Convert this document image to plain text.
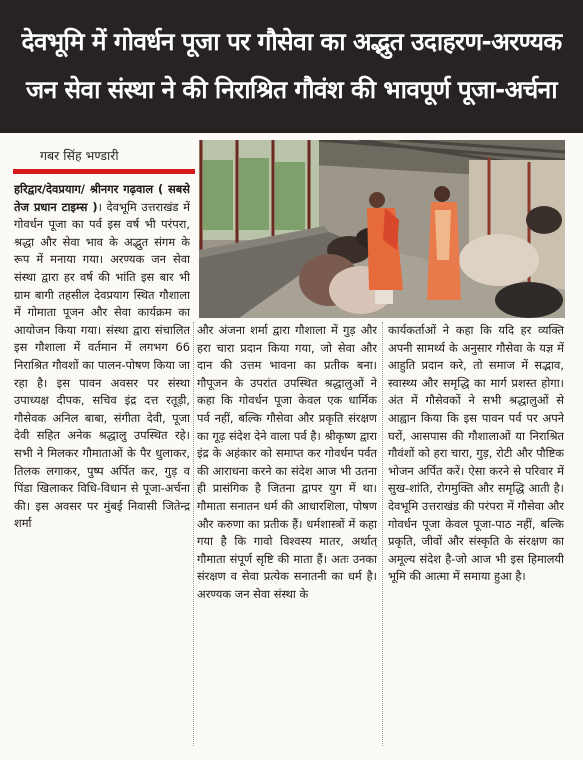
देवभूमि में गोवर्धन पूजा पर गौसेवा का अद्भुत उदाहरण-अरण्यक
जन सेवा संस्था ने की निराश्रित गौवंश की भावपूर्ण पूजा-अर्चना
गबर सिंह भण्डारी

हरिद्वार/देवप्रयाग/ श्रीनगर गढ़वाल ( सबसे तेज प्रधान टाइम्स )। देवभूमि उत्तराखंड में गोवर्धन पूजा का पर्व इस वर्ष भी परंपरा, श्रद्धा और सेवा भाव के अद्भुत संगम के रूप में मनाया गया। अरण्यक जन सेवा संस्था द्वारा हर वर्ष की भांति इस बार भी ग्राम बागी तहसील देवप्रयाग स्थित गौशाला में गोमाता पूजन और सेवा कार्यक्रम का आयोजन किया गया। संस्था द्वारा संचालित इस गौशाला में वर्तमान में लगभग 66 निराश्रित गौवशों का पालन-पोषण किया जा रहा है। इस पावन अवसर पर संस्था उपाध्यक्ष दीपक, सचिव इंद्र दत्त रतूड़ी, गौसेवक अनिल बाबा, संगीता देवी, पूजा देवी सहित अनेक श्रद्धालु उपस्थित रहे। सभी ने मिलकर गौमाताओं के पैर धुलाकर, तिलक लगाकर, पुष्प अर्पित कर, गुड़ व पिंडा खिलाकर विधि-विधान से पूजा-अर्चना की। इस अवसर पर मुंबई निवासी जितेन्द्र शर्मा

और अंजना शर्मा द्वारा गौशाला में गुड़ और हरा चारा प्रदान किया गया, जो सेवा और दान की उत्तम भावना का प्रतीक बना। गौपूजन के उपरांत उपस्थित श्रद्धालुओं ने कहा कि गोवर्धन पूजा केवल एक धार्मिक पर्व नहीं, बल्कि गौसेवा और प्रकृति संरक्षण का गूढ़ संदेश देने वाला पर्व है। श्रीकृष्ण द्वारा इंद्र के अहंकार को समाप्त कर गोवर्धन पर्वत की आराधना करने का संदेश आज भी उतना ही प्रासंगिक है जितना द्वापर युग में था। गौमाता सनातन धर्म की आधारशिला, पोषण और करुणा का प्रतीक हैं। धर्मशास्त्रों में कहा गया है कि गावो विश्वस्य मातर, अर्थात् गौमाता संपूर्ण सृष्टि की माता हैं। अतः उनका संरक्षण व सेवा प्रत्येक सनातनी का धर्म है। अरण्यक जन सेवा संस्था के

कार्यकर्ताओं ने कहा कि यदि हर व्यक्ति अपनी सामर्थ्य के अनुसार गौसेवा के यज्ञ में आहुति प्रदान करे, तो समाज में सद्भाव, स्वास्थ्य और समृद्धि का मार्ग प्रशस्त होगा। अंत में गौसेवकों ने सभी श्रद्धालुओं से आह्वान किया कि इस पावन पर्व पर अपने घरों, आसपास की गौशालाओं या निराश्रित गौवंशों को हरा चारा, गुड़, रोटी और पौष्टिक भोजन अर्पित करें। ऐसा करने से परिवार में सुख-शांति, रोगमुक्ति और समृद्धि आती है। देवभूमि उत्तराखंड की परंपरा में गौसेवा और गोवर्धन पूजा केवल पूजा-पाठ नहीं, बल्कि प्रकृति, जीवों और संस्कृति के संरक्षण का अमूल्य संदेश है-जो आज भी इस हिमालयी भूमि की आत्मा में समाया हुआ है।
